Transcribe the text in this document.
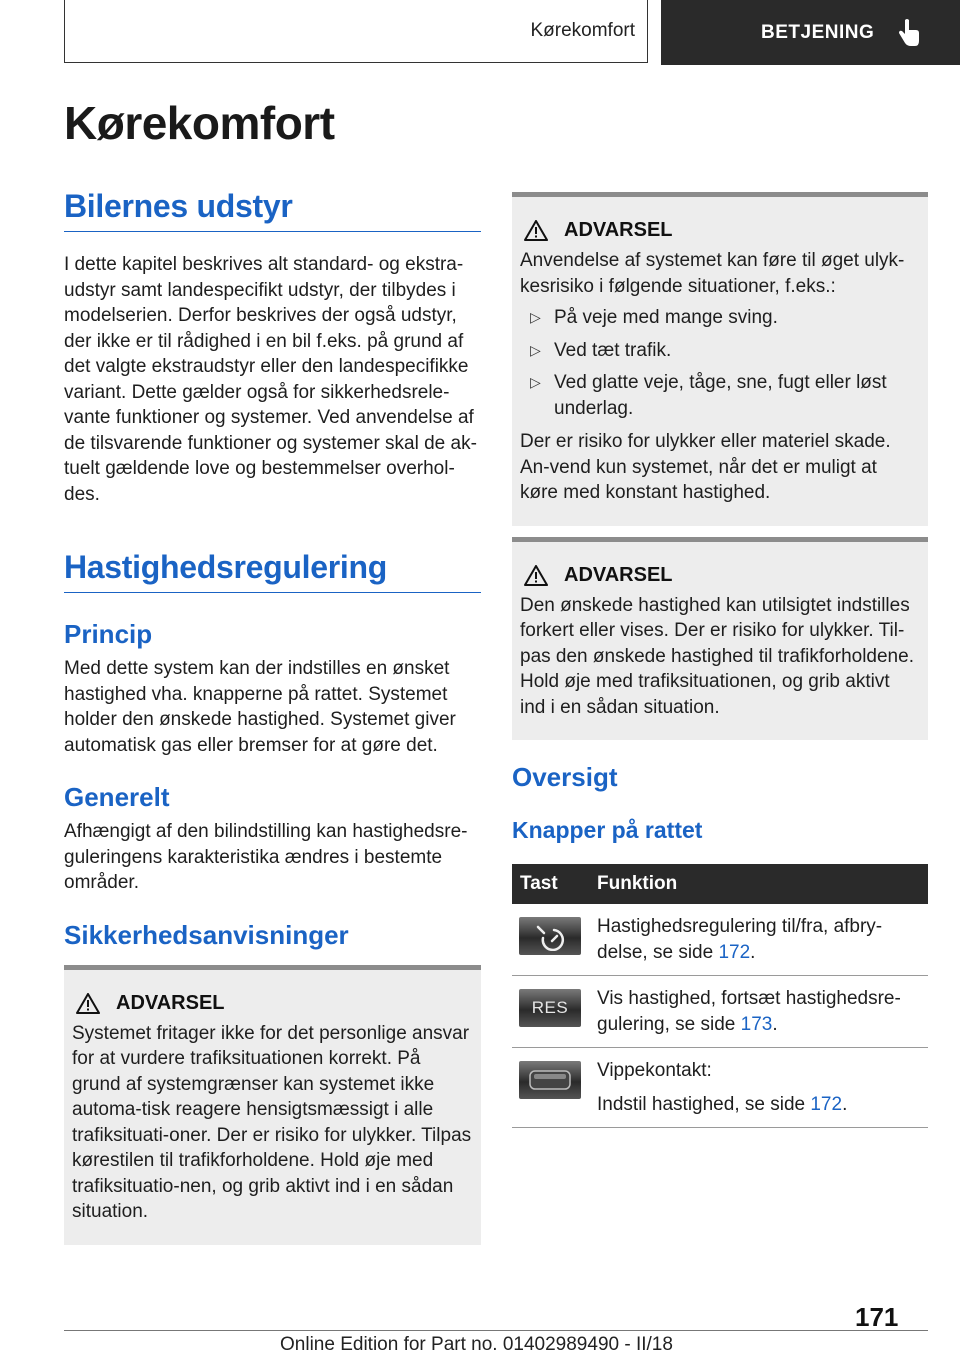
Kørekomfort	BETJENING
Kørekomfort
Bilernes udstyr

I dette kapitel beskrives alt standard- og ekstra-udstyr samt landespecifikt udstyr, der tilbydes i modelserien. Derfor beskrives der også udstyr, der ikke er til rådighed i en bil f.eks. på grund af det valgte ekstraudstyr eller den landespecifikke variant. Dette gælder også for sikkerhedsrele-vante funktioner og systemer. Ved anvendelse af de tilsvarende funktioner og systemer skal de ak-tuelt gældende love og bestemmelser overhol-des.

Hastighedsregulering
Princip

Med dette system kan der indstilles en ønsket hastighed vha. knapperne på rattet. Systemet holder den ønskede hastighed. Systemet giver automatisk gas eller bremser for at gøre det.

Generelt

Afhængigt af den bilindstilling kan hastighedsre-guleringens karakteristika ændres i bestemte områder.

Sikkerhedsanvisninger
ADVARSEL

Systemet fritager ikke for det personlige ansvar for at vurdere trafiksituationen korrekt. På grund af systemgrænser kan systemet ikke automa-tisk reagere hensigtsmæssigt i alle trafiksituati-oner. Der er risiko for ulykker. Tilpas kørestilen til trafikforholdene. Hold øje med trafiksituatio-nen, og grib aktivt ind i en sådan situation.

ADVARSEL

Anvendelse af systemet kan føre til øget ulyk-kesrisiko i følgende situationer, f.eks.:

▷ På veje med mange sving.
▷ Ved tæt trafik.
▷ Ved glatte veje, tåge, sne, fugt eller løst underlag.

Der er risiko for ulykker eller materiel skade. An-vend kun systemet, når det er muligt at køre med konstant hastighed.

ADVARSEL

Den ønskede hastighed kan utilsigtet indstilles forkert eller vises. Der er risiko for ulykker. Til-pas den ønskede hastighed til trafikforholdene. Hold øje med trafiksituationen, og grib aktivt ind i en sådan situation.

Oversigt
Knapper på rattet
Tast	Funktion

	Hastighedsregulering til/fra, afbry-delse, se side 172.

RES	Vis hastighed, fortsæt hastighedsre-gulering, se side 173.

Vippekontakt:
Indstil hastighed, se side 172.
171
Online Edition for Part no. 01402989490 - II/18
